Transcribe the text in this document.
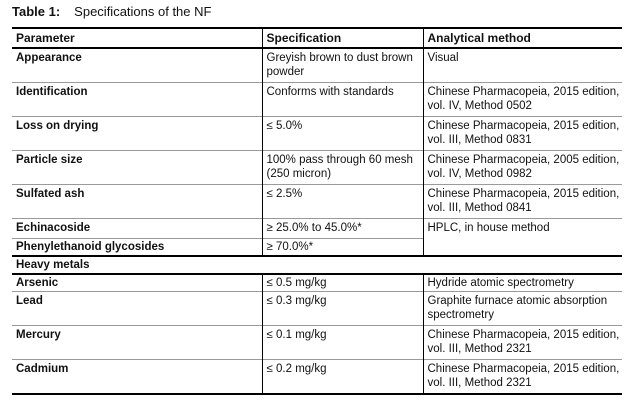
Table 1: Specifications of the NF
Parameter	Specification	Analytical method
Appearance	Greyish brown to dust brown powder	Visual
Identification	Conforms with standards	Chinese Pharmacopeia, 2015 edition, vol. IV, Method 0502
Loss on drying	≤ 5.0%	Chinese Pharmacopeia, 2015 edition, vol. III, Method 0831
Particle size	100% pass through 60 mesh (250 micron)	Chinese Pharmacopeia, 2005 edition, vol. IV, Method 0982
Sulfated ash	≤ 2.5%	Chinese Pharmacopeia, 2015 edition, vol. III, Method 0841
Echinacoside	≥ 25.0% to 45.0%*	HPLC, in house method
Phenylethanoid glycosides	≥ 70.0%*	
Heavy metals		
Arsenic	≤ 0.5 mg/kg	Hydride atomic spectrometry
Lead	≤ 0.3 mg/kg	Graphite furnace atomic absorption spectrometry
Mercury	≤ 0.1 mg/kg	Chinese Pharmacopeia, 2015 edition, vol. III, Method 2321
Cadmium	≤ 0.2 mg/kg	Chinese Pharmacopeia, 2015 edition, vol. III, Method 2321
